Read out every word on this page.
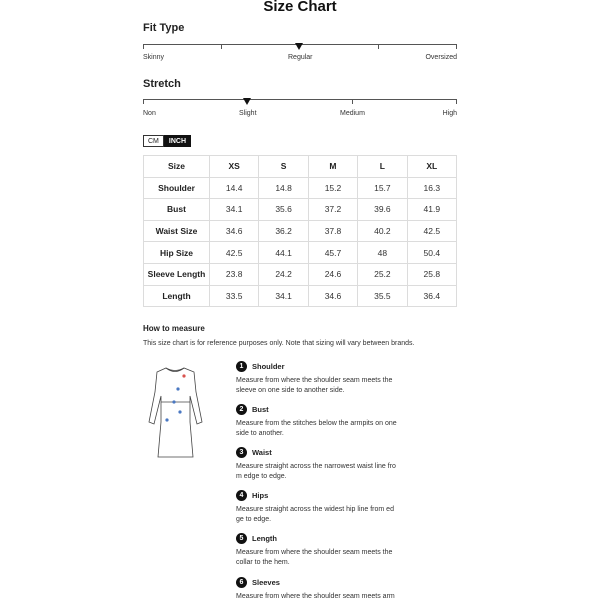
Size Chart
Fit Type
Skinny	Regular	Oversized
Stretch
Non	Slight	Medium	High
CM	INCH
Size	XS	S	M	L	XL
Shoulder	14.4	14.8	15.2	15.7	16.3
Bust	34.1	35.6	37.2	39.6	41.9
Waist Size	34.6	36.2	37.8	40.2	42.5
Hip Size	42.5	44.1	45.7	48	50.4
Sleeve Length	23.8	24.2	24.6	25.2	25.8
Length	33.5	34.1	34.6	35.5	36.4
How to measure
This size chart is for reference purposes only. Note that sizing will vary between brands.
1	Shoulder
Measure from where the shoulder seam meets the
sleeve on one side to another side.
2	Bust
Measure from the stitches below the armpits on one
side to another.
3	Waist
Measure straight across the narrowest waist line fro
m edge to edge.
4	Hips
Measure straight across the widest hip line from ed
ge to edge.
5	Length
Measure from where the shoulder seam meets the
collar to the hem.
6	Sleeves
Measure from where the shoulder seam meets arm
